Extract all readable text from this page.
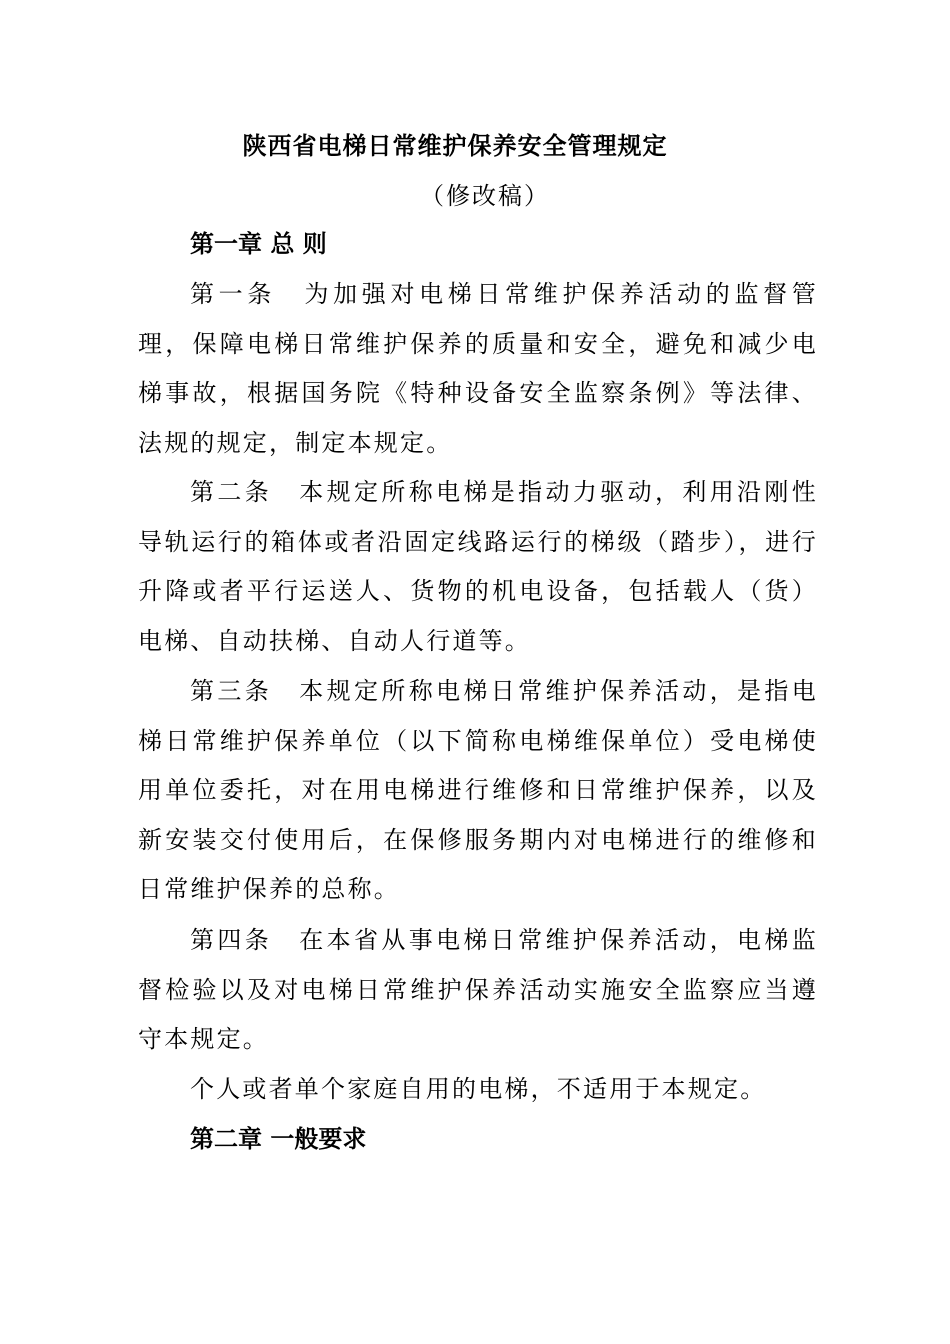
陕西省电梯日常维护保养安全管理规定
（修改稿）
第一章 总 则

第一条 为加强对电梯日常维护保养活动的监督管理，保障电梯日常维护保养的质量和安全，避免和减少电梯事故，根据国务院《特种设备安全监察条例》等法律、法规的规定，制定本规定。

第二条 本规定所称电梯是指动力驱动，利用沿刚性导轨运行的箱体或者沿固定线路运行的梯级（踏步），进行升降或者平行运送人、货物的机电设备，包括载人（货）电梯、自动扶梯、自动人行道等。

第三条 本规定所称电梯日常维护保养活动，是指电梯日常维护保养单位（以下简称电梯维保单位）受电梯使用单位委托，对在用电梯进行维修和日常维护保养，以及新安装交付使用后，在保修服务期内对电梯进行的维修和日常维护保养的总称。

第四条 在本省从事电梯日常维护保养活动，电梯监督检验以及对电梯日常维护保养活动实施安全监察应当遵守本规定。

个人或者单个家庭自用的电梯，不适用于本规定。

第二章 一般要求
